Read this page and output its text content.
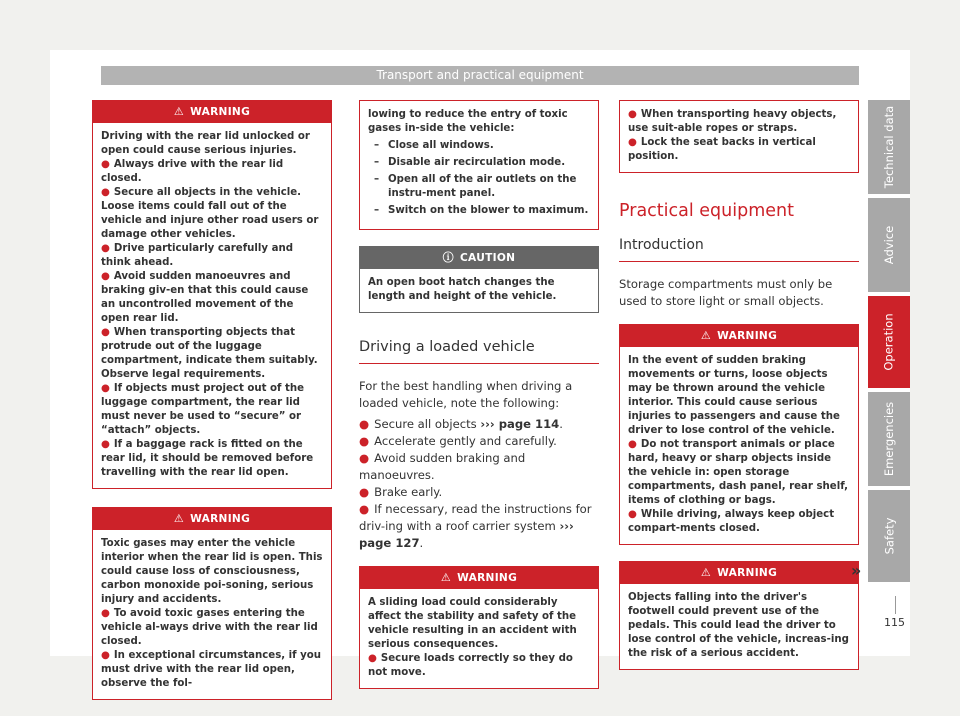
Transport and practical equipment
⚠ WARNING

Driving with the rear lid unlocked or open could cause serious injuries.

● Always drive with the rear lid closed.

● Secure all objects in the vehicle. Loose items could fall out of the vehicle and injure other road users or damage other vehicles.

● Drive particularly carefully and think ahead.

● Avoid sudden manoeuvres and braking giv-en that this could cause an uncontrolled movement of the open rear lid.

● When transporting objects that protrude out of the luggage compartment, indicate them suitably. Observe legal requirements.

● If objects must project out of the luggage compartment, the rear lid must never be used to “secure” or “attach” objects.

● If a baggage rack is fitted on the rear lid, it should be removed before travelling with the rear lid open.

⚠ WARNING

Toxic gases may enter the vehicle interior when the rear lid is open. This could cause loss of consciousness, carbon monoxide poi-soning, serious injury and accidents.

● To avoid toxic gases entering the vehicle al-ways drive with the rear lid closed.

● In exceptional circumstances, if you must drive with the rear lid open, observe the fol-

lowing to reduce the entry of toxic gases in-side the vehicle:

– Close all windows.
– Disable air recirculation mode.
– Open all of the air outlets on the instru-ment panel.
– Switch on the blower to maximum.
ⓘ CAUTION

An open boot hatch changes the length and height of the vehicle.

Driving a loaded vehicle
For the best handling when driving a loaded vehicle, note the following:
● Secure all objects ››› page 114.
● Accelerate gently and carefully.
● Avoid sudden braking and manoeuvres.
● Brake early.
● If necessary, read the instructions for driv-ing with a roof carrier system ››› page 127.
⚠ WARNING

A sliding load could considerably affect the stability and safety of the vehicle resulting in an accident with serious consequences.

● Secure loads correctly so they do not move.

● When transporting heavy objects, use suit-able ropes or straps.

● Lock the seat backs in vertical position.

Practical equipment
Introduction
Storage compartments must only be used to store light or small objects.
⚠ WARNING

In the event of sudden braking movements or turns, loose objects may be thrown around the vehicle interior. This could cause serious injuries to passengers and cause the driver to lose control of the vehicle.

● Do not transport animals or place hard, heavy or sharp objects inside the vehicle in: open storage compartments, dash panel, rear shelf, items of clothing or bags.

● While driving, always keep object compart-ments closed.

⚠ WARNING

Objects falling into the driver's footwell could prevent use of the pedals. This could lead the driver to lose control of the vehicle, increas-ing the risk of a serious accident.

»
Technical data
Advice
Operation
Emergencies
Safety
115
